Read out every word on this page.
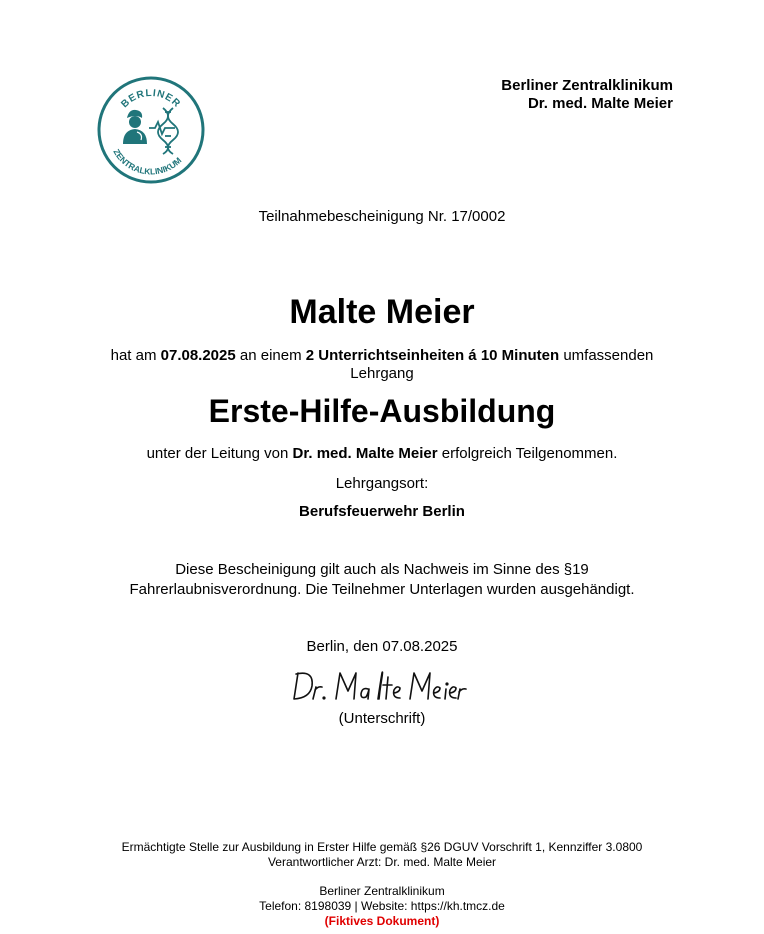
BERLINER
ZENTRALKLINIKUM
Berliner Zentralklinikum
Dr. med. Malte Meier
Teilnahmebescheinigung Nr. 17/0002
Malte Meier
hat am 07.08.2025 an einem 2 Unterrichtseinheiten á 10 Minuten umfassenden Lehrgang
Erste-Hilfe-Ausbildung
unter der Leitung von Dr. med. Malte Meier erfolgreich Teilgenommen.
Lehrgangsort:
Berufsfeuerwehr Berlin
Diese Bescheinigung gilt auch als Nachweis im Sinne des §19
Fahrerlaubnisverordnung. Die Teilnehmer Unterlagen wurden ausgehändigt.
Berlin, den 07.08.2025
(Unterschrift)
Ermächtigte Stelle zur Ausbildung in Erster Hilfe gemäß §26 DGUV Vorschrift 1, Kennziffer 3.0800
Verantwortlicher Arzt: Dr. med. Malte Meier
Berliner Zentralklinikum
Telefon: 8198039 | Website: https://kh.tmcz.de
(Fiktives Dokument)
